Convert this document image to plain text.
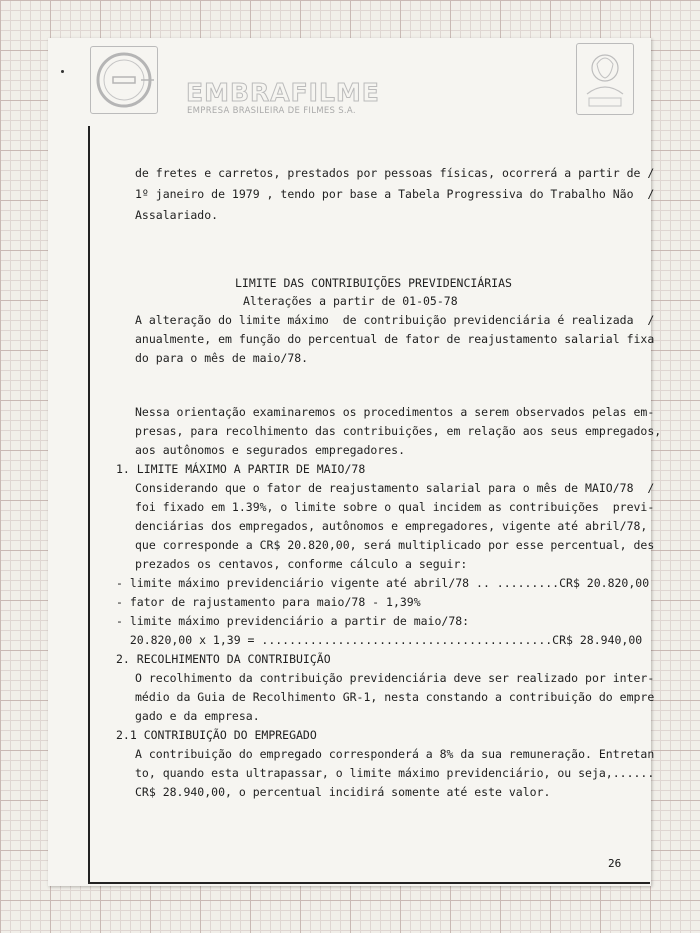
EMBRAFILME
EMPRESA BRASILEIRA DE FILMES S.A.
de fretes e carretos, prestados por pessoas físicas, ocorrerá a partir de /
1º janeiro de 1979 , tendo por base a Tabela Progressiva do Trabalho Não  /
Assalariado.
LIMITE DAS CONTRIBUIÇÕES PREVIDENCIÁRIAS
Alterações a partir de 01-05-78
A alteração do limite máximo  de contribuição previdenciária é realizada  /
anualmente, em função do percentual de fator de reajustamento salarial fixa
do para o mês de maio/78.
Nessa orientação examinaremos os procedimentos a serem observados pelas em-
presas, para recolhimento das contribuições, em relação aos seus empregados,
aos autônomos e segurados empregadores.
1. LIMITE MÁXIMO A PARTIR DE MAIO/78
Considerando que o fator de reajustamento salarial para o mês de MAIO/78  /
foi fixado em 1.39%, o limite sobre o qual incidem as contribuições  previ-
denciárias dos empregados, autônomos e empregadores, vigente até abril/78,
que corresponde a CR$ 20.820,00, será multiplicado por esse percentual, des
prezados os centavos, conforme cálculo a seguir:
- limite máximo previdenciário vigente até abril/78 .. .........CR$ 20.820,00
- fator de rajustamento para maio/78 - 1,39%
- limite máximo previdenciário a partir de maio/78:
20.820,00 x 1,39 = ..........................................CR$ 28.940,00
2. RECOLHIMENTO DA CONTRIBUIÇÃO
O recolhimento da contribuição previdenciária deve ser realizado por inter-
médio da Guia de Recolhimento GR-1, nesta constando a contribuição do empre
gado e da empresa.
2.1 CONTRIBUIÇÃO DO EMPREGADO
A contribuição do empregado corresponderá a 8% da sua remuneração. Entretan
to, quando esta ultrapassar, o limite máximo previdenciário, ou seja,......
CR$ 28.940,00, o percentual incidirá somente até este valor.
26
